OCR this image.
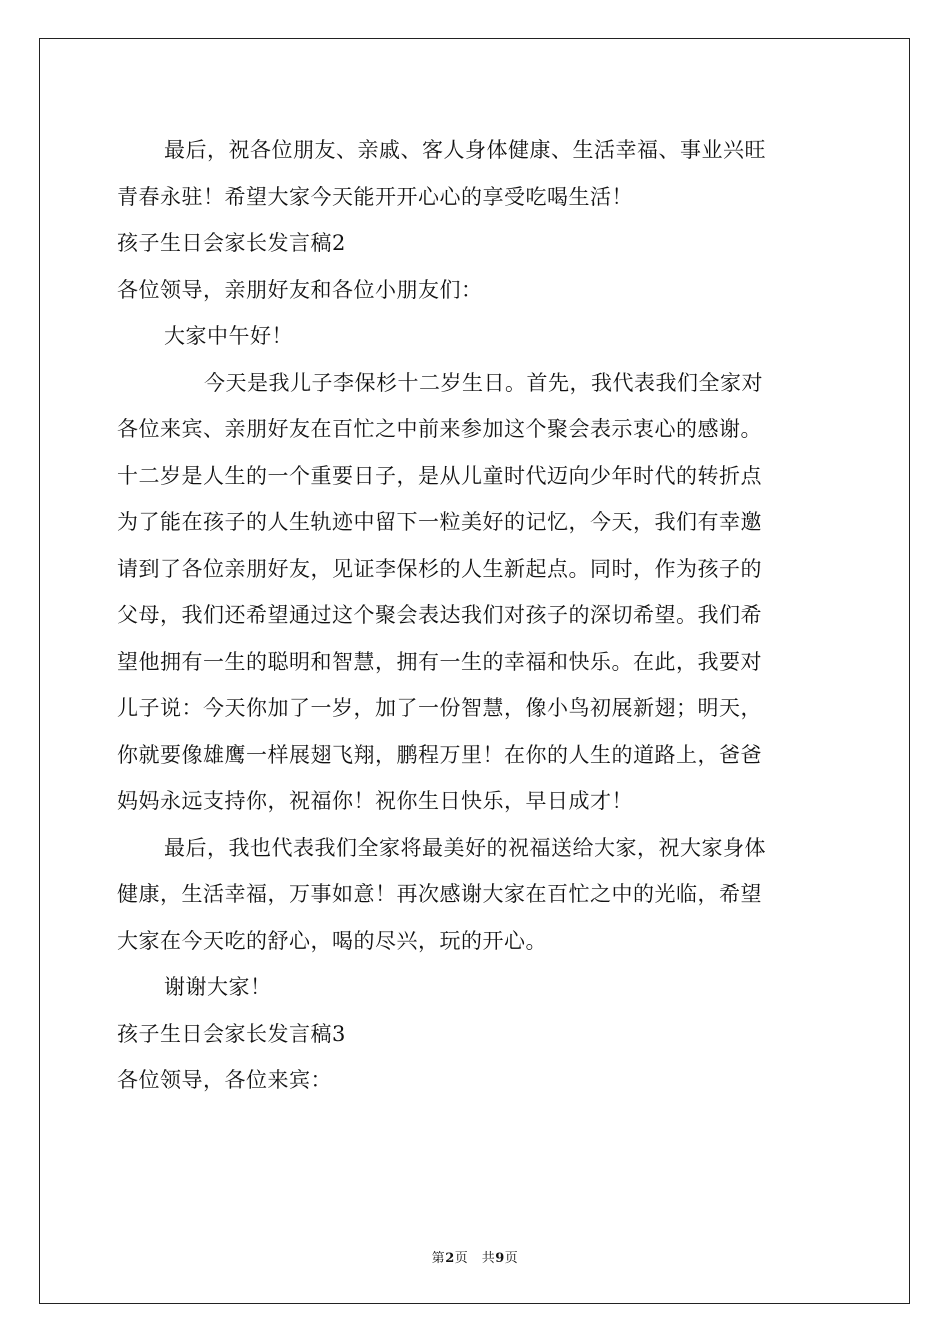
最后，祝各位朋友、亲戚、客人身体健康、生活幸福、事业兴旺
青春永驻！希望大家今天能开开心心的享受吃喝生活！
孩子生日会家长发言稿2
各位领导，亲朋好友和各位小朋友们：
大家中午好！
今天是我儿子李保杉十二岁生日。首先，我代表我们全家对
各位来宾、亲朋好友在百忙之中前来参加这个聚会表示衷心的感谢。
十二岁是人生的一个重要日子，是从儿童时代迈向少年时代的转折点
为了能在孩子的人生轨迹中留下一粒美好的记忆，今天，我们有幸邀
请到了各位亲朋好友，见证李保杉的人生新起点。同时，作为孩子的
父母，我们还希望通过这个聚会表达我们对孩子的深切希望。我们希
望他拥有一生的聪明和智慧，拥有一生的幸福和快乐。在此，我要对
儿子说：今天你加了一岁，加了一份智慧，像小鸟初展新翅；明天，
你就要像雄鹰一样展翅飞翔，鹏程万里！在你的人生的道路上，爸爸
妈妈永远支持你，祝福你！祝你生日快乐，早日成才！
最后，我也代表我们全家将最美好的祝福送给大家，祝大家身体
健康，生活幸福，万事如意！再次感谢大家在百忙之中的光临，希望
大家在今天吃的舒心，喝的尽兴，玩的开心。
谢谢大家！
孩子生日会家长发言稿3
各位领导，各位来宾：
第2页　共9页
